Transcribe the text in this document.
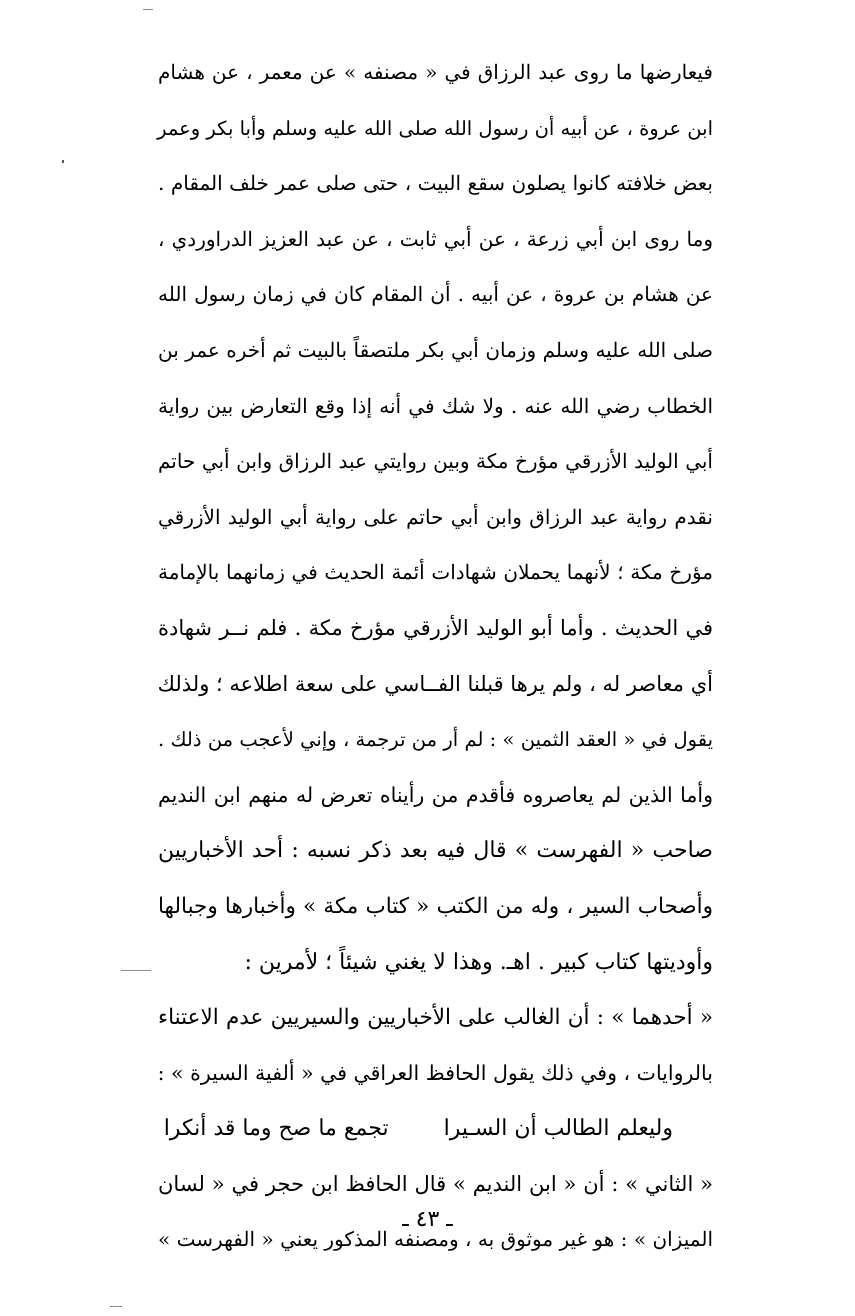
فيعارضها ما روى عبد الرزاق في « مصنفه » عن معمر ، عن هشام
ابن عروة ، عن أبيه أن رسول الله صلى الله عليه وسلم وأبا بكر وعمر
بعض خلافته كانوا يصلون سقع البيت ، حتى صلى عمر خلف المقام .
وما روى ابن أبي زرعة ، عن أبي ثابت ، عن عبد العزيز الدراوردي ،
عن هشام بن عروة ، عن أبيه . أن المقام كان في زمان رسول الله
صلى الله عليه وسلم وزمان أبي بكر ملتصقاً بالبيت ثم أخره عمر بن
الخطاب رضي الله عنه . ولا شك في أنه إذا وقع التعارض بين رواية
أبي الوليد الأزرقي مؤرخ مكة وبين روايتي عبد الرزاق وابن أبي حاتم
نقدم رواية عبد الرزاق وابن أبي حاتم على رواية أبي الوليد الأزرقي
مؤرخ مكة ؛ لأنهما يحملان شهادات أئمة الحديث في زمانهما بالإمامة
في الحديث . وأما أبو الوليد الأزرقي مؤرخ مكة . فلم نــر شهادة
أي معاصر له ، ولم يرها قبلنا الفــاسي على سعة اطلاعه ؛ ولذلك
يقول في « العقد الثمين » : لم أر من ترجمة ، وإني لأعجب من ذلك .
وأما الذين لم يعاصروه فأقدم من رأيناه تعرض له منهم ابن النديم
صاحب « الفهرست » قال فيه بعد ذكر نسبه : أحد الأخباريين
وأصحاب السير ، وله من الكتب « كتاب مكة » وأخبارها وجبالها
وأوديتها كتاب كبير . اهـ. وهذا لا يغني شيئاً ؛ لأمرين :
« أحدهما » : أن الغالب على الأخباريين والسيريين عدم الاعتناء
بالروايات ، وفي ذلك يقول الحافظ العراقي في « ألفية السيرة » :
وليعلم الطالب أن السـيرا تجمع ما صح وما قد أنكرا
« الثاني » : أن « ابن النديم » قال الحافظ ابن حجر في « لسان
الميزان » : هو غير موثوق به ، ومصنفه المذكور يعني « الفهرست »
ـ ٤٣ ـ
